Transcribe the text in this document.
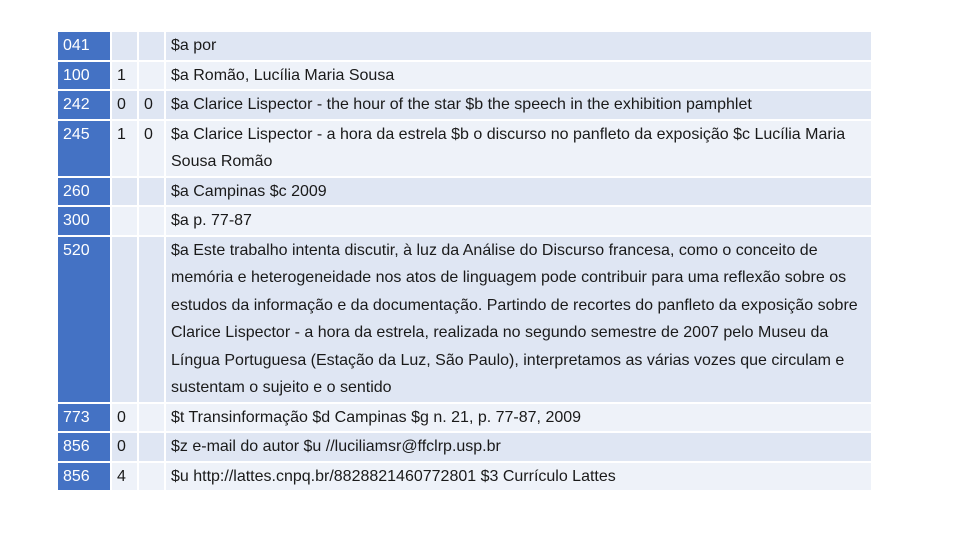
041			$a por
100	1		$a Romão, Lucília Maria Sousa
242	0	0	$a Clarice Lispector - the hour of the star $b the speech in the exhibition pamphlet
245	1	0	$a Clarice Lispector - a hora da estrela $b o discurso no panfleto da exposição $c Lucília Maria Sousa Romão
260			$a Campinas $c 2009
300			$a p. 77-87
520			$a Este trabalho intenta discutir, à luz da Análise do Discurso francesa, como o conceito de memória e heterogeneidade nos atos de linguagem pode contribuir para uma reflexão sobre os estudos da informação e da documentação. Partindo de recortes do panfleto da exposição sobre Clarice Lispector - a hora da estrela, realizada no segundo semestre de 2007 pelo Museu da Língua Portuguesa (Estação da Luz, São Paulo), interpretamos as várias vozes que circulam e sustentam o sujeito e o sentido
773	0		$t Transinformação $d Campinas $g n. 21, p. 77-87, 2009
856	0		$z e-mail do autor $u //luciliamsr@ffclrp.usp.br
856	4		$u http://lattes.cnpq.br/8828821460772801 $3 Currículo Lattes
